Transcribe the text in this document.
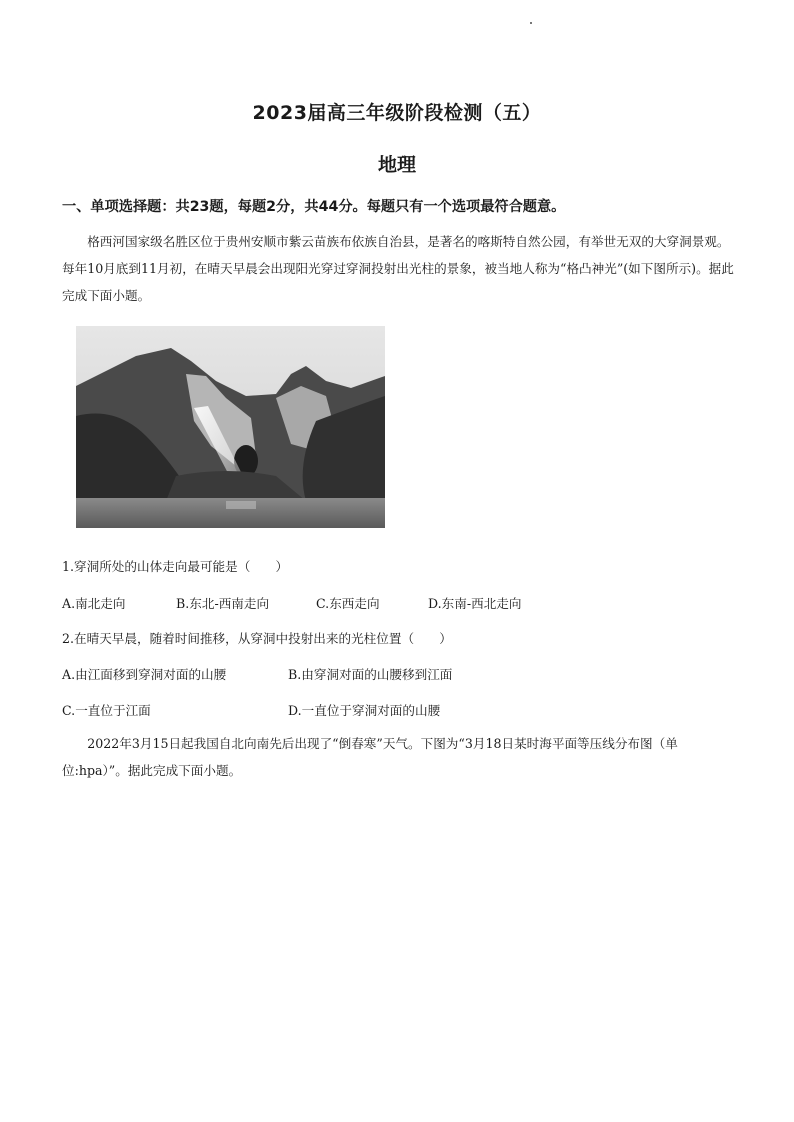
2023届高三年级阶段检测（五）
地理
一、单项选择题：共23题，每题2分，共44分。每题只有一个选项最符合题意。
格西河国家级名胜区位于贵州安顺市紫云苗族布依族自治县，是著名的喀斯特自然公园，有举世无双的大穿洞景观。每年10月底到11月初，在晴天早晨会出现阳光穿过穿洞投射出光柱的景象，被当地人称为“格凸神光”(如下图所示)。据此完成下面小题。
1.穿洞所处的山体走向最可能是（　　）
A.南北走向	B.东北-西南走向	C.东西走向	D.东南-西北走向
2.在晴天早晨，随着时间推移，从穿洞中投射出来的光柱位置（　　）
A.由江面移到穿洞对面的山腰	B.由穿洞对面的山腰移到江面
C.一直位于江面	D.一直位于穿洞对面的山腰
2022年3月15日起我国自北向南先后出现了“倒春寒”天气。下图为“3月18日某时海平面等压线分布图（单位:hpa）”。据此完成下面小题。
